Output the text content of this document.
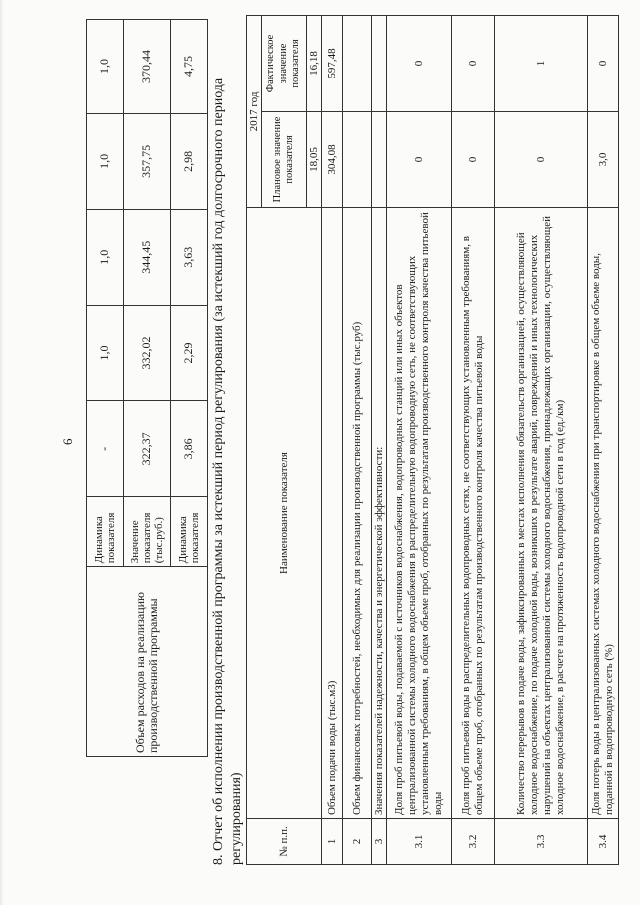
6
Объем расходов на реализацию производственной программы	Динамика показателя	-	1,0	1,0	1,0	1,0
	Значение показателя (тыс.руб.)	322,37	332,02	344,45	357,75	370,44
	Динамика показателя	3,86	2,29	3,63	2,98	4,75
8. Отчет об исполнении производственной программы за истекший период регулирования (за истекший год долгосрочного периода регулирования)	№ п.п.	Наименование показателя	2017 год	
		Плановое значение показателя	Фактическое значение показателя
		18,05	16,18
1	Объем подачи воды (тыс.м3)	304,08	597,48
2	Объем финансовых потребностей, необходимых для реализации производственной программы (тыс.руб)		
3	Значения показателей надежности, качества и энергетической эффективности:		
3.1	Доля проб питьевой воды, подаваемой с источников водоснабжения, водопроводных станций или иных объектов централизованной системы холодного водоснабжения в распределительную водопроводную сеть, не соответствующих установленным требованиям, в общем объеме проб, отобранных по результатам производственного контроля качества питьевой воды	0	0
3.2	Доля проб питьевой воды в распределительных водопроводных сетях, не соответствующих установленным требованиям, в общем объеме проб, отобранных по результатам производственного контроля качества питьевой воды	0	0
3.3	Количество перерывов в подаче воды, зафиксированных в местах исполнения обязательств организацией, осуществляющей холодное водоснабжение, по подаче холодной воды, возникших в результате аварий, повреждений и иных технологических нарушений на объектах централизованной системы холодного водоснабжения, принадлежащих организации, осуществляющей холодное водоснабжение, в расчете на протяженность водопроводной сети в год (ед./км)	0	1
3.4	Доля потерь воды в централизованных системах холодного водоснабжения при транспортировке в общем объеме воды, поданной в водопроводную сеть (%)	3,0	0
